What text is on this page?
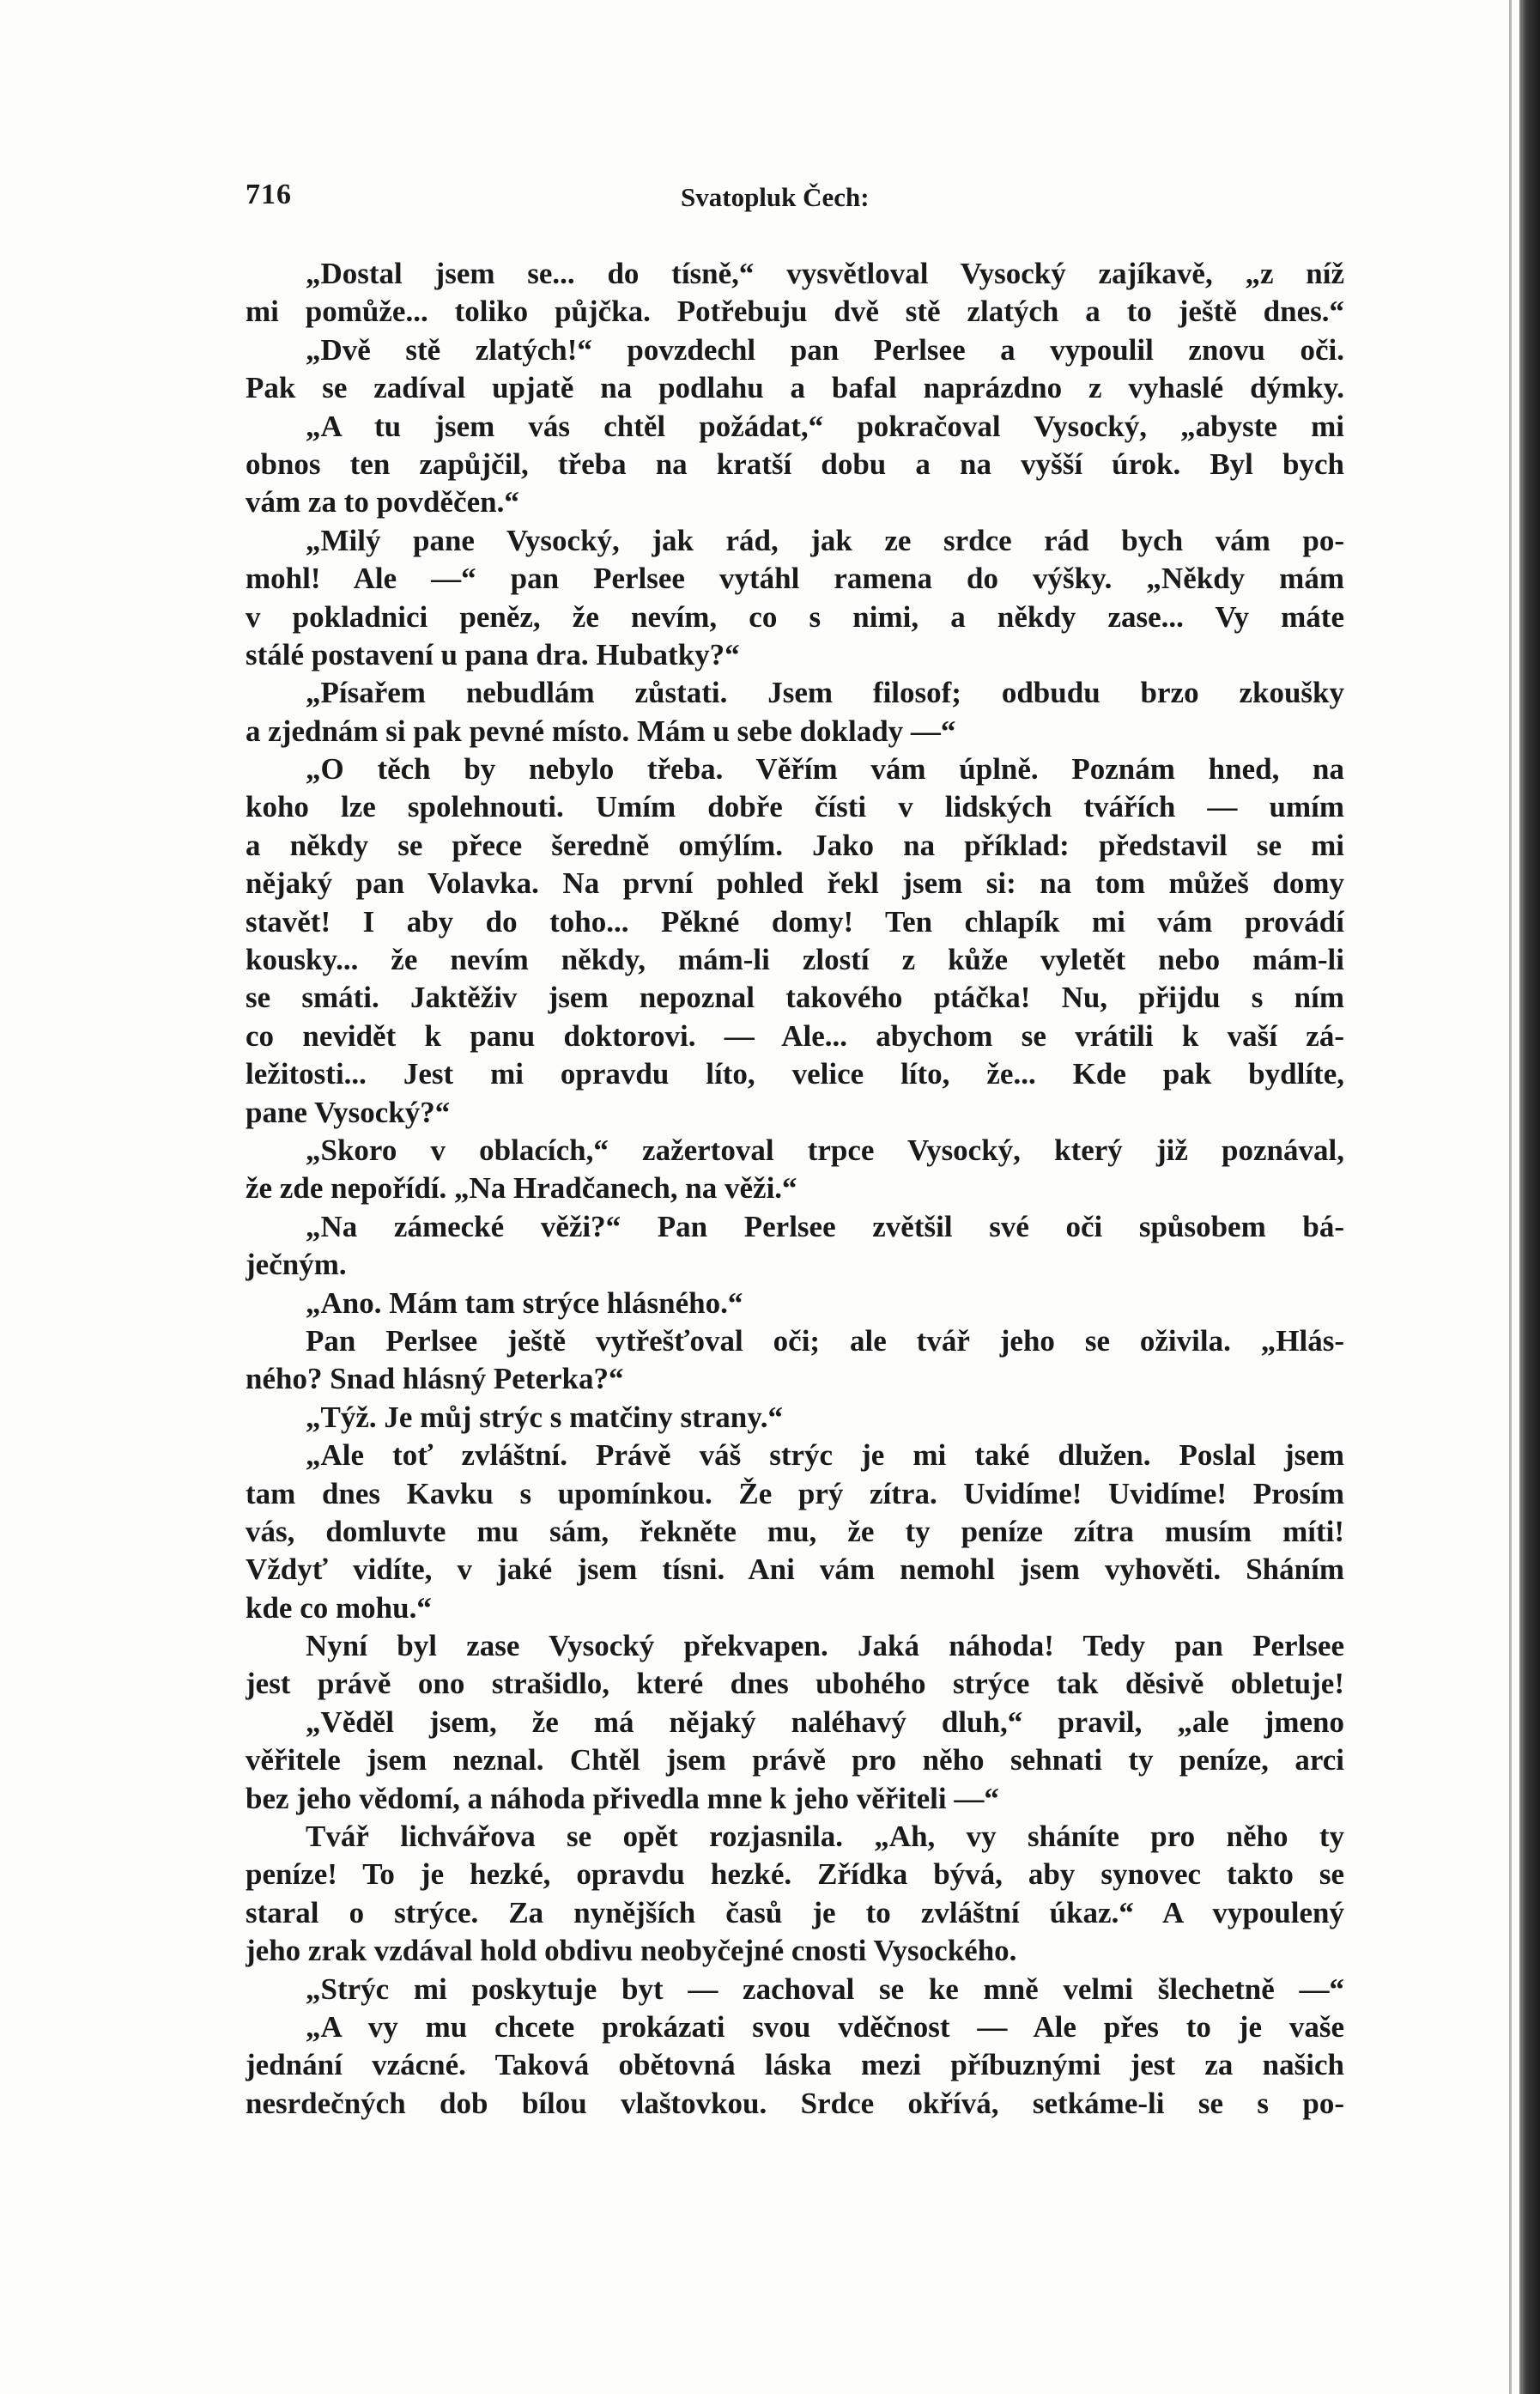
716	Svatopluk Čech:
„Dostal jsem se... do tísně,“ vysvětloval Vysocký zajíkavě, „z níž
mi pomůže... toliko půjčka. Potřebuju dvě stě zlatých a to ještě dnes.“
„Dvě stě zlatých!“ povzdechl pan Perlsee a vypoulil znovu oči.
Pak se zadíval upjatě na podlahu a bafal naprázdno z vyhaslé dýmky.
„A tu jsem vás chtěl požádat,“ pokračoval Vysocký, „abyste mi
obnos ten zapůjčil, třeba na kratší dobu a na vyšší úrok. Byl bych
vám za to povděčen.“
„Milý pane Vysocký, jak rád, jak ze srdce rád bych vám po-
mohl! Ale —“ pan Perlsee vytáhl ramena do výšky. „Někdy mám
v pokladnici peněz, že nevím, co s nimi, a někdy zase... Vy máte
stálé postavení u pana dra. Hubatky?“
„Písařem nebudlám zůstati. Jsem filosof; odbudu brzo zkoušky
a zjednám si pak pevné místo. Mám u sebe doklady —“
„O těch by nebylo třeba. Věřím vám úplně. Poznám hned, na
koho lze spolehnouti. Umím dobře čísti v lidských tvářích — umím
a někdy se přece šeredně omýlím. Jako na příklad: představil se mi
nějaký pan Volavka. Na první pohled řekl jsem si: na tom můžeš domy
stavět! I aby do toho... Pěkné domy! Ten chlapík mi vám provádí
kousky... že nevím někdy, mám-li zlostí z kůže vyletět nebo mám-li
se smáti. Jaktěživ jsem nepoznal takového ptáčka! Nu, přijdu s ním
co nevidět k panu doktorovi. — Ale... abychom se vrátili k vaší zá-
ležitosti... Jest mi opravdu líto, velice líto, že... Kde pak bydlíte,
pane Vysocký?“
„Skoro v oblacích,“ zažertoval trpce Vysocký, který již poznával,
že zde nepořídí. „Na Hradčanech, na věži.“
„Na zámecké věži?“ Pan Perlsee zvětšil své oči spůsobem bá-
ječným.
„Ano. Mám tam strýce hlásného.“
Pan Perlsee ještě vytřešťoval oči; ale tvář jeho se oživila. „Hlás-
ného? Snad hlásný Peterka?“
„Týž. Je můj strýc s matčiny strany.“
„Ale toť zvláštní. Právě váš strýc je mi také dlužen. Poslal jsem
tam dnes Kavku s upomínkou. Že prý zítra. Uvidíme! Uvidíme! Prosím
vás, domluvte mu sám, řekněte mu, že ty peníze zítra musím míti!
Vždyť vidíte, v jaké jsem tísni. Ani vám nemohl jsem vyhověti. Sháním
kde co mohu.“
Nyní byl zase Vysocký překvapen. Jaká náhoda! Tedy pan Perlsee
jest právě ono strašidlo, které dnes ubohého strýce tak děsivě obletuje!
„Věděl jsem, že má nějaký naléhavý dluh,“ pravil, „ale jmeno
věřitele jsem neznal. Chtěl jsem právě pro něho sehnati ty peníze, arci
bez jeho vědomí, a náhoda přivedla mne k jeho věřiteli —“
Tvář lichvářova se opět rozjasnila. „Ah, vy sháníte pro něho ty
peníze! To je hezké, opravdu hezké. Zřídka bývá, aby synovec takto se
staral o strýce. Za nynějších časů je to zvláštní úkaz.“ A vypoulený
jeho zrak vzdával hold obdivu neobyčejné cnosti Vysockého.
„Strýc mi poskytuje byt — zachoval se ke mně velmi šlechetně —“
„A vy mu chcete prokázati svou vděčnost — Ale přes to je vaše
jednání vzácné. Taková obětovná láska mezi příbuznými jest za našich
nesrdečných dob bílou vlaštovkou. Srdce okřívá, setkáme-li se s po-
